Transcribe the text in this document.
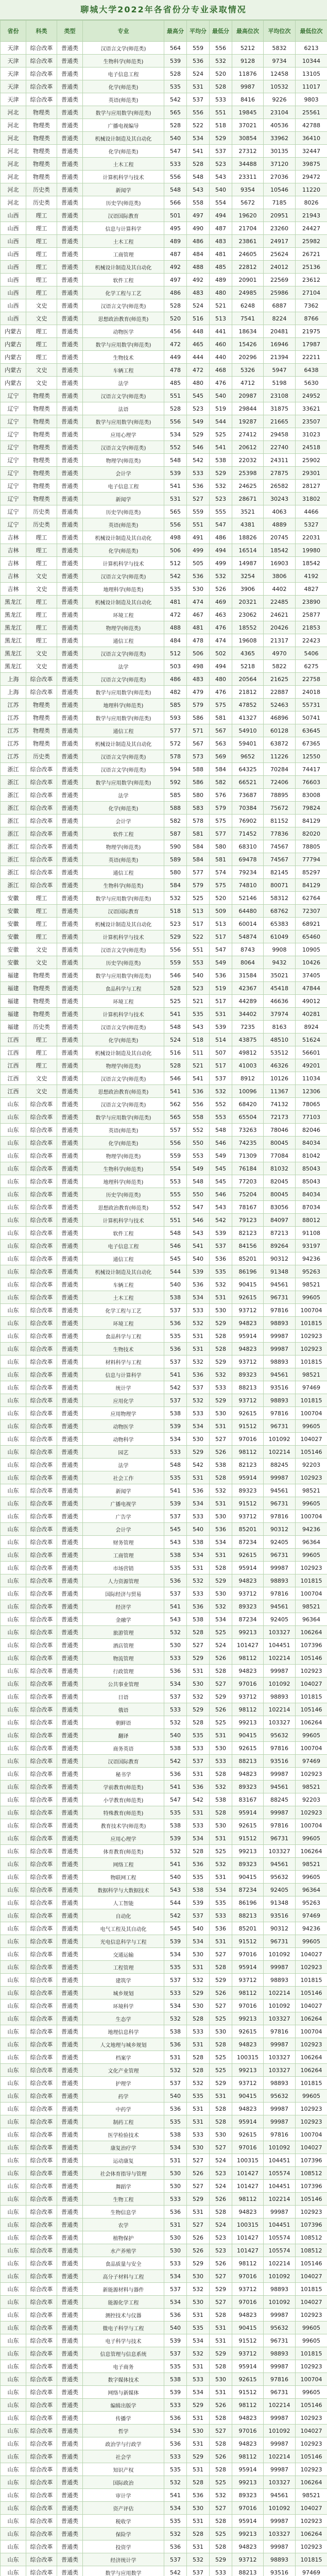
聊城大学2022年各省份分专业录取情况
省份	科类	类型	专业	最高分	平均分	最低分	最高位次	平均位次	最低位次
天津	综合改革	普通类	汉语言文学(师范类)	564	559	556	5212	5832	6213
天津	综合改革	普通类	生物科学(师范类)	539	536	532	9128	9734	10344
天津	综合改革	普通类	电子信息工程	528	524	520	11876	12458	13105
天津	综合改革	普通类	化学(师范类)	535	531	528	9987	10532	11017
天津	综合改革	普通类	英语(师范类)	542	537	533	8416	9226	9803
河北	物理类	普通类	数学与应用数学(师范类)	565	556	551	19845	23104	25561
河北	物理类	普通类	广播电视编导	528	522	518	37021	40536	42788
河北	物理类	普通类	机械设计制造及其自动化	540	534	529	30854	33962	36410
河北	物理类	普通类	化学(师范类)	547	541	537	27312	30135	32447
河北	物理类	普通类	土木工程	533	528	523	34488	37120	39875
河北	物理类	普通类	计算机科学与技术	556	548	543	23311	27036	29472
河北	历史类	普通类	新闻学	548	543	540	9354	10546	11220
河北	历史类	普通类	历史学(师范类)	566	558	554	5672	7185	8026
山西	理工	普通类	汉语国际教育	501	497	494	19620	20951	21943
山西	理工	普通类	信息与计算科学	495	490	487	21704	23260	24427
山西	理工	普通类	土木工程	489	486	483	23861	24917	25982
山西	理工	普通类	工商管理	487	484	481	24605	25624	26721
山西	理工	普通类	机械设计制造及其自动化	492	488	485	22812	24012	25136
山西	理工	普通类	软件工程	497	492	489	20901	22569	23612
山西	理工	普通类	化学工程与工艺	486	483	480	24985	25986	27104
山西	文史	普通类	汉语言文学(师范类)	528	524	521	6248	6887	7362
山西	文史	普通类	思想政治教育(师范类)	520	516	513	7541	8224	8766
内蒙古	理工	普通类	动物医学	456	448	441	18634	20481	21975
内蒙古	理工	普通类	数学与应用数学(师范类)	472	465	460	15426	16946	17987
内蒙古	理工	普通类	生物技术	449	444	440	20296	21394	22211
内蒙古	文史	普通类	车辆工程	478	472	468	5326	5947	6438
内蒙古	文史	普通类	法学	485	480	476	4712	5198	5630
辽宁	物理类	普通类	汉语言文学(师范类)	551	545	540	20987	23108	24952
辽宁	物理类	普通类	法语	528	523	519	29844	31875	33621
辽宁	物理类	普通类	数学与应用数学(师范类)	556	549	544	19287	21665	23507
辽宁	物理类	普通类	应用心理学	534	529	525	27412	29458	31023
辽宁	物理类	普通类	汉语言文学(师范类)	552	546	541	20612	22740	24518
辽宁	物理类	普通类	物理学(师范类)	548	542	538	22032	24311	25902
辽宁	物理类	普通类	会计学	539	533	529	25398	27875	29301
辽宁	物理类	普通类	电子信息工程	541	536	532	24625	26582	28127
辽宁	物理类	普通类	新闻学	531	527	523	28671	30243	31802
辽宁	历史类	普通类	历史学(师范类)	565	559	555	3521	4063	4466
辽宁	历史类	普通类	英语(师范类)	556	551	547	4381	4889	5327
吉林	理工	普通类	机械设计制造及其自动化	498	491	486	18826	20745	22031
吉林	理工	普通类	化学(师范类)	506	499	494	16514	18542	19980
吉林	理工	普通类	计算机科学与技术	512	505	499	14987	16903	18542
吉林	文史	普通类	汉语言文学(师范类)	542	536	532	3254	3806	4192
吉林	文史	普通类	地理科学(师范类)	535	530	526	3906	4402	4827
黑龙江	理工	普通类	机械设计制造及其自动化	481	474	469	20321	22485	23890
黑龙江	理工	普通类	环境工程	472	467	463	23062	24621	25877
黑龙江	理工	普通类	物理学(师范类)	488	481	476	18552	20426	21853
黑龙江	理工	普通类	通信工程	484	478	474	19608	21317	22423
黑龙江	文史	普通类	汉语言文学(师范类)	512	506	502	4365	4970	5406
黑龙江	文史	普通类	法学	503	498	494	5218	5822	6275
上海	综合改革	普通类	汉语言文学(师范类)	486	483	480	20564	21625	22758
上海	综合改革	普通类	数学与应用数学(师范类)	482	479	476	21812	22887	24018
江苏	物理类	普通类	地理科学(师范类)	585	579	575	47852	52463	55731
江苏	物理类	普通类	数学与应用数学(师范类)	593	586	581	41327	46896	50741
江苏	物理类	普通类	通信工程	577	571	567	54910	60128	63645
江苏	物理类	普通类	机械设计制造及其自动化	572	567	563	59401	63872	67365
江苏	历史类	普通类	汉语言文学(师范类)	578	573	569	9652	11226	12550
浙江	综合改革	普通类	汉语言文学(师范类)	594	588	584	64325	70284	74417
浙江	综合改革	普通类	数学与应用数学(师范类)	592	586	582	66521	72406	76603
浙江	综合改革	普通类	法学	585	580	576	73687	78895	83008
浙江	综合改革	普通类	化学(师范类)	588	583	579	70384	75672	79824
浙江	综合改革	普通类	会计学	582	578	575	76902	81152	84129
浙江	综合改革	普通类	软件工程	587	581	577	71452	77836	82020
浙江	综合改革	普通类	物理学(师范类)	590	584	580	68310	74567	78805
浙江	综合改革	普通类	英语(师范类)	589	584	581	69478	74567	77794
浙江	综合改革	普通类	通信工程	580	577	574	79234	82145	85297
浙江	综合改革	普通类	生物科学(师范类)	584	579	575	74810	80071	84129
安徽	理工	普通类	数学与应用数学(师范类)	532	525	520	52146	58312	62764
安徽	理工	普通类	汉语国际教育	518	513	509	64480	68762	72307
安徽	理工	普通类	机械设计制造及其自动化	523	517	513	60014	65383	68921
安徽	理工	普通类	计算机科学与技术	529	522	517	54874	61049	65460
安徽	文史	普通类	汉语言文学(师范类)	556	551	547	8743	9908	10905
安徽	文史	普通类	历史学(师范类)	559	553	549	8064	9432	10426
福建	物理类	普通类	数学与应用数学(师范类)	546	540	536	31584	35021	37405
福建	物理类	普通类	食品科学与工程	528	523	519	42367	45418	47844
福建	物理类	普通类	环境工程	525	521	517	44289	46636	49012
福建	物理类	普通类	计算机科学与技术	541	535	531	34402	37974	40281
福建	历史类	普通类	汉语言文学(师范类)	548	543	539	7235	8163	8924
江西	理工	普通类	化学(师范类)	524	518	514	43875	48510	51624
江西	理工	普通类	机械设计制造及其自动化	516	511	507	49812	53512	56601
江西	理工	普通类	物理学(师范类)	528	521	517	41003	46326	49201
江西	文史	普通类	汉语言文学(师范类)	546	541	537	8912	10126	11034
江西	文史	普通类	思想政治教育(师范类)	541	536	532	10096	11367	12306
山东	综合改革	普通类	汉语言文学(师范类)	562	556	552	68420	74132	78065
山东	综合改革	普通类	数学与应用数学(师范类)	565	558	553	65504	72173	77103
山东	综合改革	普通类	英语(师范类)	557	552	548	73263	78046	82046
山东	综合改革	普通类	化学(师范类)	556	550	546	74235	80045	84034
山东	综合改革	普通类	物理学(师范类)	559	553	549	71309	77084	81042
山东	综合改革	普通类	生物科学(师范类)	554	549	545	76184	81032	85043
山东	综合改革	普通类	地理科学(师范类)	553	548	545	77203	82045	85043
山东	综合改革	普通类	历史学(师范类)	555	550	546	75204	80045	84034
山东	综合改革	普通类	思想政治教育(师范类)	552	547	543	78167	83056	87034
山东	综合改革	普通类	计算机科学与技术	551	546	542	79123	84097	88012
山东	综合改革	普通类	软件工程	548	543	539	82123	87213	91108
山东	综合改革	普通类	电子信息工程	546	541	537	84156	89264	93197
山东	综合改革	普通类	通信工程	545	540	536	85201	90312	94236
山东	综合改革	普通类	机械设计制造及其自动化	544	539	535	86196	91348	95263
山东	综合改革	普通类	车辆工程	540	536	532	90415	94561	98521
山东	综合改革	普通类	土木工程	538	534	531	92615	96731	99605
山东	综合改革	普通类	化学工程与工艺	537	533	530	93712	97816	100704
山东	综合改革	普通类	环境工程	536	532	529	94823	98893	101815
山东	综合改革	普通类	食品科学与工程	535	531	528	95914	99987	102923
山东	综合改革	普通类	生物技术	536	531	528	94823	99987	102923
山东	综合改革	普通类	材料科学与工程	537	532	529	93712	98893	101815
山东	综合改革	普通类	信息与计算科学	541	536	532	89323	94561	98521
山东	综合改革	普通类	统计学	542	537	533	88213	93516	97469
山东	综合改革	普通类	应用化学	537	532	529	93712	98893	101815
山东	综合改革	普通类	应用物理学	538	533	530	92615	97816	100704
山东	综合改革	普通类	动物医学	539	534	531	91512	96731	99605
山东	综合改革	普通类	动物科学	534	530	527	97016	101092	104027
山东	综合改革	普通类	园艺	533	529	526	98112	102214	105146
山东	综合改革	普通类	法学	548	542	538	82123	88245	92203
山东	综合改革	普通类	社会工作	535	531	528	95914	99987	102923
山东	综合改革	普通类	新闻学	541	536	532	89323	94561	98521
山东	综合改革	普通类	广播电视学	539	534	531	91512	96731	99605
山东	综合改革	普通类	广告学	537	533	530	93712	97816	100704
山东	综合改革	普通类	会计学	545	540	536	85201	90312	94236
山东	综合改革	普通类	财务管理	543	538	534	87234	92405	96364
山东	综合改革	普通类	工商管理	538	534	531	92615	96731	99605
山东	综合改革	普通类	市场营销	535	531	528	95914	99987	102923
山东	综合改革	普通类	人力资源管理	536	532	529	94823	98893	101815
山东	综合改革	普通类	国际经济与贸易	537	533	530	93712	97816	100704
山东	综合改革	普通类	经济学	541	536	532	89323	94561	98521
山东	综合改革	普通类	金融学	543	538	534	87234	92405	96364
山东	综合改革	普通类	旅游管理	532	528	525	99213	103327	106264
山东	综合改革	普通类	酒店管理	530	527	524	101427	104451	107396
山东	综合改革	普通类	物流管理	533	529	526	98112	102214	105146
山东	综合改革	普通类	行政管理	536	531	528	94823	99987	102923
山东	综合改革	普通类	公共事业管理	534	530	527	97016	101092	104027
山东	综合改革	普通类	日语	537	532	529	93712	98893	101815
山东	综合改革	普通类	俄语	533	529	526	98112	102214	105146
山东	综合改革	普通类	朝鲜语	532	528	525	99213	103327	106264
山东	综合改革	普通类	翻译	540	535	531	90415	95632	99605
山东	综合改革	普通类	商务英语	538	533	530	92615	97816	100704
山东	综合改革	普通类	汉语国际教育	542	537	533	88213	93516	97469
山东	综合改革	普通类	秘书学	536	531	528	94823	99987	102923
山东	综合改革	普通类	学前教育(师范类)	541	536	532	89323	94561	98521
山东	综合改革	普通类	小学教育(师范类)	547	542	538	83167	88245	92203
山东	综合改革	普通类	特殊教育(师范类)	535	531	528	95914	99987	102923
山东	综合改革	普通类	教育技术学(师范类)	538	533	530	92615	97816	100704
山东	综合改革	普通类	应用心理学	539	534	531	91512	96731	99605
山东	综合改革	普通类	体育教育(师范类)	532	528	525	99213	103327	106264
山东	综合改革	普通类	网络工程	541	536	532	89323	94561	98521
山东	综合改革	普通类	物联网工程	540	535	531	90415	95632	99605
山东	综合改革	普通类	数据科学与大数据技术	543	538	534	87234	92405	96364
山东	综合改革	普通类	人工智能	544	539	535	86196	91348	95263
山东	综合改革	普通类	自动化	542	537	533	88213	93516	97469
山东	综合改革	普通类	电气工程及其自动化	545	540	536	85201	90312	94236
山东	综合改革	普通类	光电信息科学与工程	539	534	531	91512	96731	99605
山东	综合改革	普通类	交通运输	534	530	527	97016	101092	104027
山东	综合改革	普通类	工程管理	535	531	528	95914	99987	102923
山东	综合改革	普通类	建筑学	537	532	529	93712	98893	101815
山东	综合改革	普通类	城乡规划	533	529	526	98112	102214	105146
山东	综合改革	普通类	环境科学	534	530	527	97016	101092	104027
山东	综合改革	普通类	生态学	532	528	525	99213	103327	106264
山东	综合改革	普通类	地理信息科学	538	533	530	92615	97816	100704
山东	综合改革	普通类	人文地理与城乡规划	536	531	528	94823	99987	102923
山东	综合改革	普通类	档案学	531	528	525	100315	103327	106264
山东	综合改革	普通类	文化产业管理	532	528	525	99213	103327	106264
山东	综合改革	普通类	护理学	537	532	529	93712	98893	101815
山东	综合改革	普通类	药学	540	535	531	90415	95632	99605
山东	综合改革	普通类	中药学	536	531	528	94823	99987	102923
山东	综合改革	普通类	制药工程	535	531	528	95914	99987	102923
山东	综合改革	普通类	医学检验技术	538	533	530	92615	97816	100704
山东	综合改革	普通类	康复治疗学	534	530	527	97016	101092	104027
山东	综合改革	普通类	运动康复	531	527	524	100315	104451	107396
山东	综合改革	普通类	社会体育指导与管理	530	526	523	101427	105574	108512
山东	综合改革	普通类	舞蹈学	530	527	524	101427	104451	107396
山东	综合改革	普通类	生物工程	533	529	526	98112	102214	105146
山东	综合改革	普通类	生物信息学	536	531	528	94823	99987	102923
山东	综合改革	普通类	农学	531	527	524	100315	104451	107396
山东	综合改革	普通类	植物保护	530	526	523	101427	105574	108512
山东	综合改革	普通类	水产养殖学	530	526	523	101427	105574	108512
山东	综合改革	普通类	食品质量与安全	533	529	526	98112	102214	105146
山东	综合改革	普通类	高分子材料与工程	534	530	527	97016	101092	104027
山东	综合改革	普通类	新能源材料与器件	537	532	529	93712	98893	101815
山东	综合改革	普通类	能源化学工程	534	530	527	97016	101092	104027
山东	综合改革	普通类	测控技术与仪器	536	531	528	94823	99987	102923
山东	综合改革	普通类	微电子科学与工程	540	535	531	90415	95632	99605
山东	综合改革	普通类	电子科学与技术	539	534	531	91512	96731	99605
山东	综合改革	普通类	信息管理与信息系统	537	532	529	93712	98893	101815
山东	综合改革	普通类	电子商务	535	531	528	95914	99987	102923
山东	综合改革	普通类	数字媒体技术	538	533	530	92615	97816	100704
山东	综合改革	普通类	网络与新媒体	539	534	531	91512	96731	99605
山东	综合改革	普通类	编辑出版学	533	529	526	98112	102214	105146
山东	综合改革	普通类	传播学	536	531	528	94823	99987	102923
山东	综合改革	普通类	哲学	534	530	527	97016	101092	104027
山东	综合改革	普通类	政治学与行政学	536	531	528	94823	99987	102923
山东	综合改革	普通类	社会学	533	529	526	98112	102214	105146
山东	综合改革	普通类	知识产权	535	531	528	95914	99987	102923
山东	综合改革	普通类	国际政治	532	528	525	99213	103327	106264
山东	综合改革	普通类	审计学	541	536	532	89323	94561	98521
山东	综合改革	普通类	资产评估	534	530	527	97016	101092	104027
山东	综合改革	普通类	税收学	535	531	528	95914	99987	102923
山东	综合改革	普通类	保险学	532	528	525	99213	103327	106264
山东	综合改革	普通类	投资学	536	531	528	94823	99987	102923
山东	综合改革	普通类	经济统计学	537	532	529	93712	98893	101815
山东	综合改革	普通类	数学与应用数学	542	537	533	88213	93516	97469
